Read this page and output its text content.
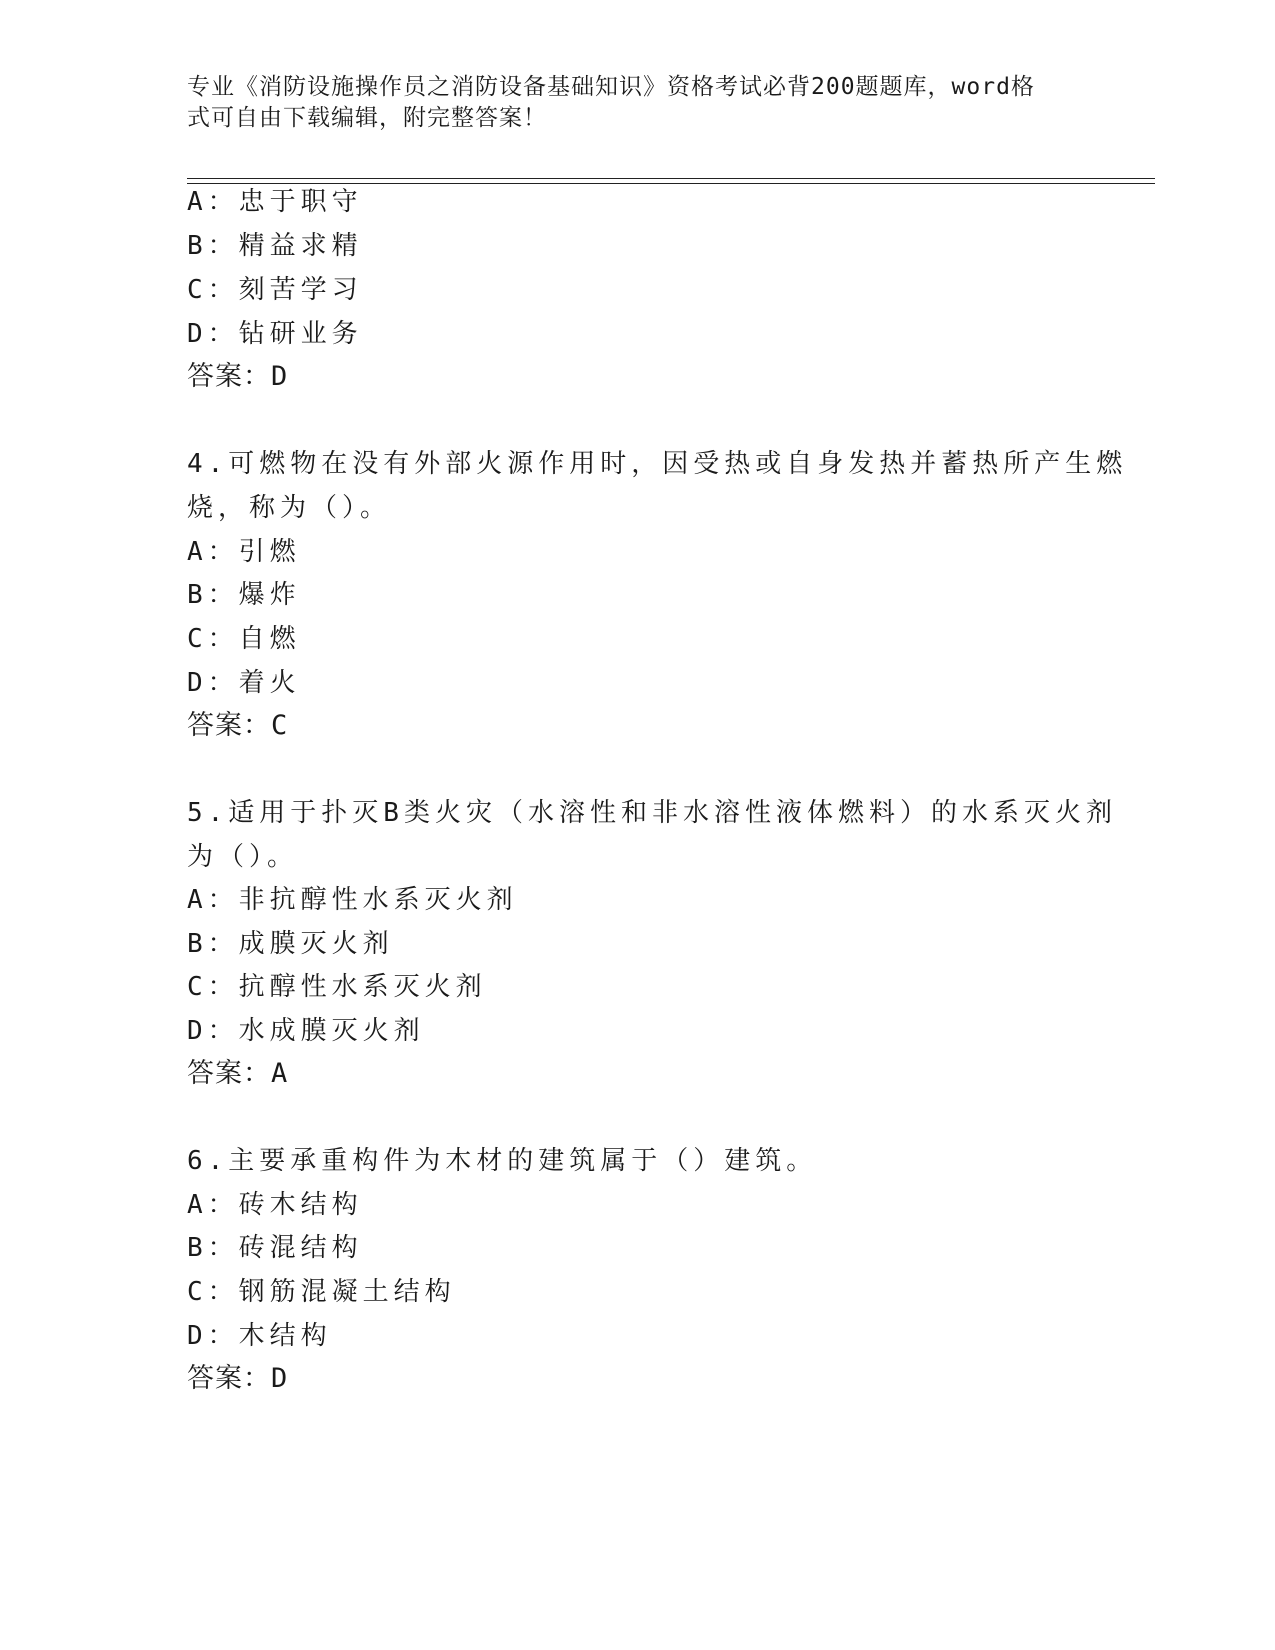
专业《消防设施操作员之消防设备基础知识》资格考试必背200题题库，word格
式可自由下载编辑，附完整答案！
A：忠于职守
B：精益求精
C：刻苦学习
D：钻研业务
答案：D
4.可燃物在没有外部火源作用时，因受热或自身发热并蓄热所产生燃
烧，称为（）。
A：引燃
B：爆炸
C：自燃
D：着火
答案：C
5.适用于扑灭B类火灾（水溶性和非水溶性液体燃料）的水系灭火剂
为（）。
A：非抗醇性水系灭火剂
B：成膜灭火剂
C：抗醇性水系灭火剂
D：水成膜灭火剂
答案：A
6.主要承重构件为木材的建筑属于（）建筑。
A：砖木结构
B：砖混结构
C：钢筋混凝土结构
D：木结构
答案：D
